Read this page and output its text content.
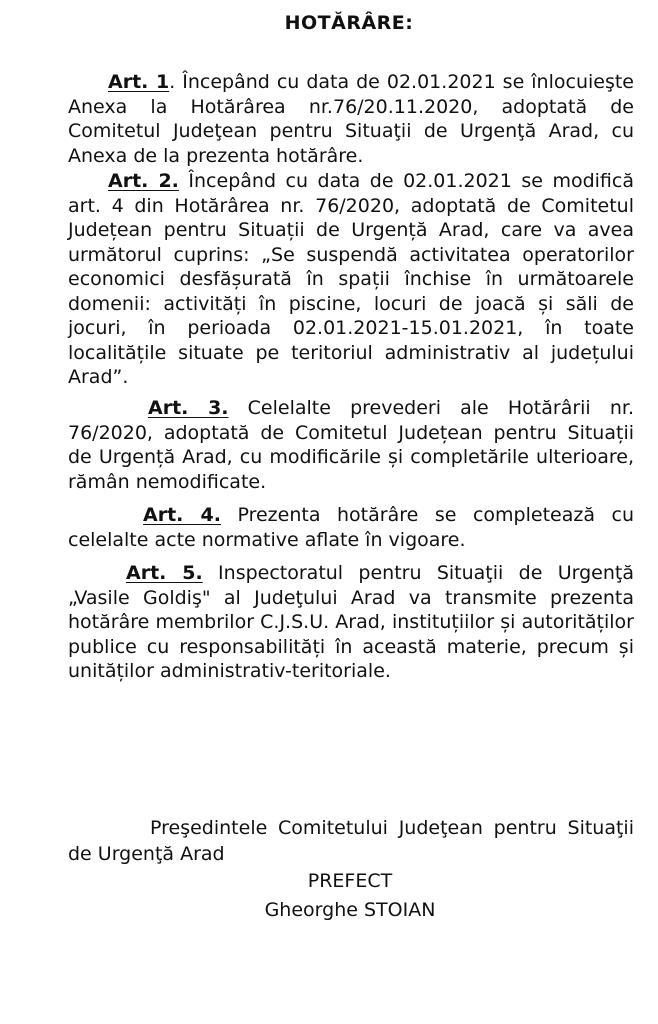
HOTĂRÂRE:

Art. 1. Începând cu data de 02.01.2021 se înlocuieşte Anexa la Hotărârea nr.76/20.11.2020, adoptată de Comitetul Judeţean pentru Situaţii de Urgenţă Arad, cu Anexa de la prezenta hotărâre.

Art. 2. Începând cu data de 02.01.2021 se modifică art. 4 din Hotărârea nr. 76/2020, adoptată de Comitetul Județean pentru Situații de Urgență Arad, care va avea următorul cuprins: „Se suspendă activitatea operatorilor economici desfășurată în spații închise în următoarele domenii: activități în piscine, locuri de joacă și săli de jocuri, în perioada 02.01.2021-15.01.2021, în toate localitățile situate pe teritoriul administrativ al județului Arad”.

Art. 3. Celelalte prevederi ale Hotărârii nr. 76/2020, adoptată de Comitetul Județean pentru Situații de Urgență Arad, cu modificările și completările ulterioare, rămân nemodificate.

Art. 4. Prezenta hotărâre se completează cu celelalte acte normative aflate în vigoare.

Art. 5. Inspectoratul pentru Situaţii de Urgenţă „Vasile Goldiş" al Judeţului Arad va transmite prezenta hotărâre membrilor C.J.S.U. Arad, instituțiilor și autorităților publice cu responsabilități în această materie, precum și unităților administrativ-teritoriale.

Preşedintele Comitetului Judeţean pentru Situaţii de Urgenţă Arad

PREFECT
Gheorghe STOIAN
